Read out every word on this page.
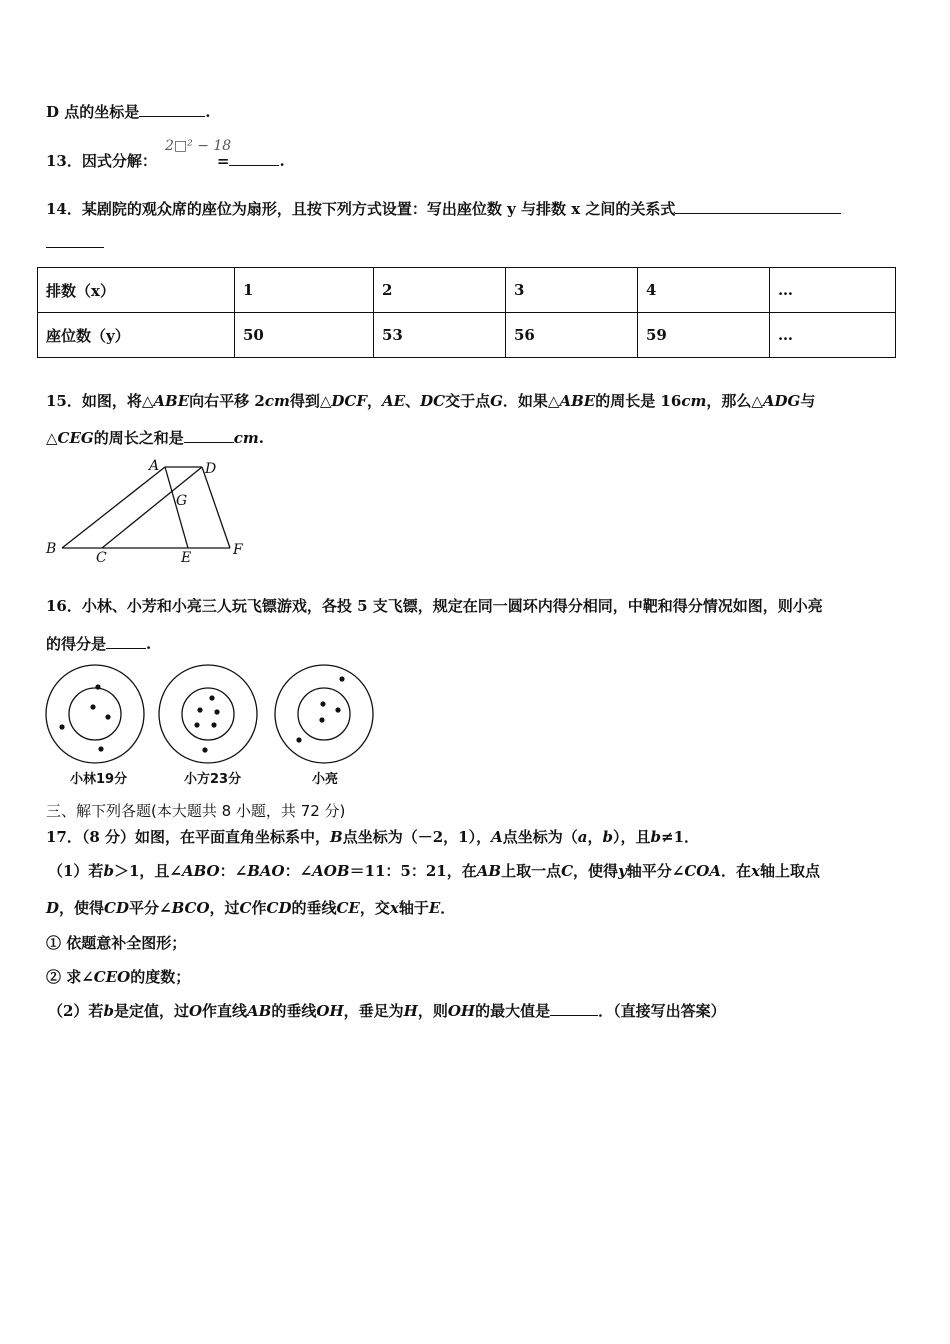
D 点的坐标是	.
2□² − 18
13．因式分解：	=	.
14．某剧院的观众席的座位为扇形，且按下列方式设置：写出座位数 y 与排数 x 之间的关系式
排数（x）	1	2	3	4	…
座位数（y）	50	53	56	59	…
15．如图，将△ABE向右平移 2cm得到△DCF，AE、DC交于点G．如果△ABE的周长是 16cm，那么△ADG与
△CEG的周长之和是	cm.
A	D
G
B
C	E	F
16．小林、小芳和小亮三人玩飞镖游戏，各投 5 支飞镖，规定在同一圆环内得分相同，中靶和得分情况如图，则小亮
的得分是	.
小林19分	小方23分	小亮
三、解下列各题(本大题共 8 小题，共 72 分)
17．（8 分）如图，在平面直角坐标系中，B点坐标为（－2，1），A点坐标为（a，b），且b≠1．
（1）若b＞1，且∠ABO：∠BAO：∠AOB＝11：5：21，在AB上取一点C，使得y轴平分∠COA．在x轴上取点
D，使得CD平分∠BCO，过C作CD的垂线CE，交x轴于E．
① 依题意补全图形；
② 求∠CEO的度数；
（2）若b是定值，过O作直线AB的垂线OH，垂足为H，则OH的最大值是	．（直接写出答案）
